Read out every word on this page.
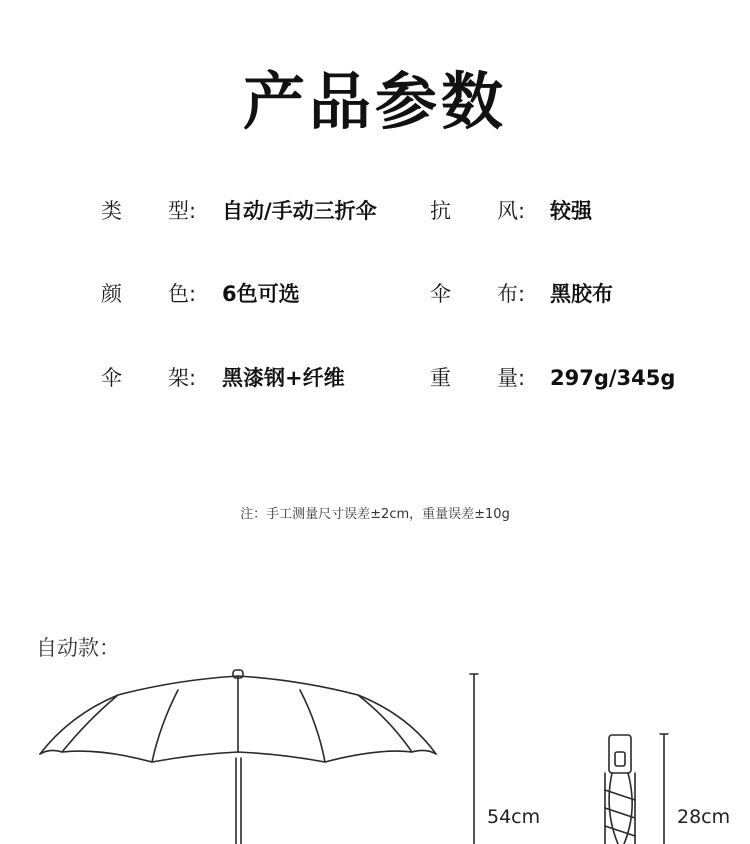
产品参数
类 型: 自动/手动三折伞	抗 风: 较强
颜 色: 6色可选	伞 布: 黑胶布
伞 架: 黑漆钢+纤维	重 量: 297g/345g
注：手工测量尺寸误差±2cm，重量误差±10g
自动款：
54cm	28cm
